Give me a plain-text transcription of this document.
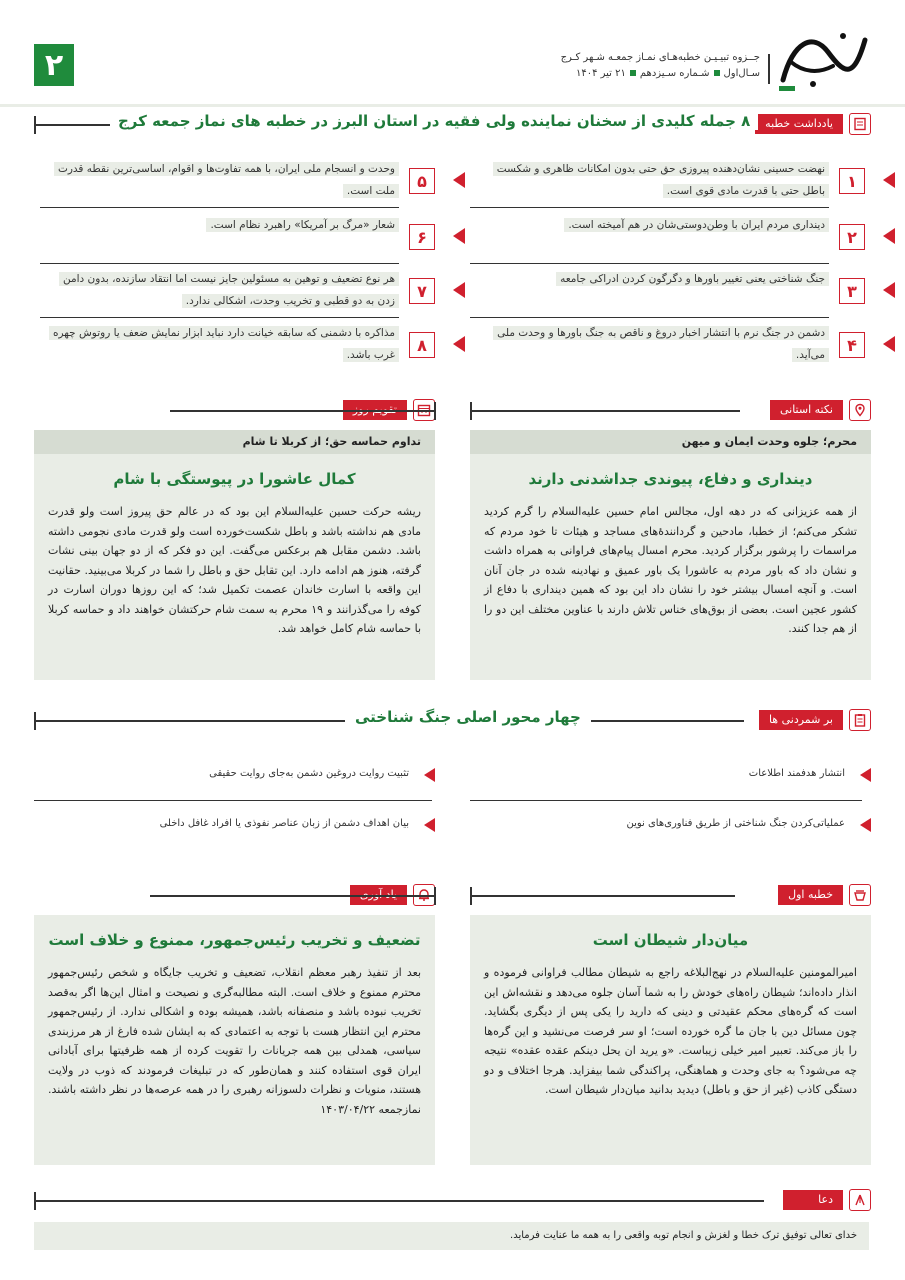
۲	جــزوه تبیـیـن خطبه‌هـای نمـاز جمعـه شـهر کـرج
سـال‌اولشـماره سـیزدهم۲۱ تیر ۱۴۰۴
یادداشت خطبه
۸ جمله کلیدی از سخنان نماینده ولی فقیه در استان البرز در خطبه های نماز جمعه کرج
۱
نهضت حسینی نشان‌دهنده پیروزی حق حتی بدون امکانات ظاهری و شکست باطل حتی با قدرت مادی قوی است.
۲
دینداری مردم ایران با وطن‌دوستی‌شان در هم آمیخته است.
۳
جنگ شناختی یعنی تغییر باورها و دگرگون کردن ادراکی جامعه
۴
دشمن در جنگ نرم با انتشار اخبار دروغ و ناقص به جنگ باورها و وحدت ملی می‌آید.
۵
وحدت و انسجام ملی ایران، با همه تفاوت‌ها و اقوام، اساسی‌ترین نقطه قدرت ملت است.
۶
شعار «مرگ بر آمریکا» راهبرد نظام است.
۷
هر نوع تضعیف و توهین به مسئولین جایز نیست اما انتقاد سازنده، بدون دامن زدن به دو قطبی و تخریب وحدت، اشکالی ندارد.
۸
مذاکره با دشمنی که سابقه خیانت دارد نباید ابزار نمایش ضعف یا روتوش چهره غرب باشد.
نکته استانی
محرم؛ جلوه وحدت ایمان و میهن
دینداری و دفاع، پیوندی جداشدنی دارند
از همه عزیزانی که در دهه اول، مجالس امام حسین علیه‌السلام را گرم کردید تشکر می‌کنم؛ از خطبا، مادحین و گردانندۀ‌های مساجد و هیئات تا خود مردم که مراسمات را پرشور برگزار کردید. محرم امسال پیام‌های فراوانی به همراه داشت و نشان داد که باور مردم به عاشورا یک باور عمیق و نهادینه شده در جان آنان است. و آنچه امسال بیشتر خود را نشان داد این بود که همین دینداری با دفاع از کشور عجین است. بعضی از بوق‌های خناس تلاش دارند با عناوین مختلف این دو را از هم جدا کنند.
تداوم حماسه حق؛ از کربلا تا شام
کمال عاشورا در پیوستگی با شام
ریشه حرکت حسین علیه‌السلام این بود که در عالم حق پیروز است ولو قدرت مادی هم نداشته باشد و باطل شکست‌خورده است ولو قدرت مادی نجومی داشته باشد. دشمن مقابل هم برعکس می‌گفت. این دو فکر که از دو جهان بینی نشات گرفته، هنوز هم ادامه دارد. این تقابل حق و باطل را شما در کربلا می‌بینید. حقانیت این واقعه با اسارت خاندان عصمت تکمیل شد؛ که این روزها دوران اسارت در کوفه را می‌گذرانند و ۱۹ محرم به سمت شام حرکتشان خواهند داد و حماسه کربلا با حماسه شام کامل خواهد شد.
بر شمردنی ها
چهار محور اصلی جنگ شناختی
انتشار هدفمند اطلاعات
تثبیت روایت دروغین دشمن به‌جای روایت حقیقی
عملیاتی‌کردن جنگ شناختی از طریق فناوری‌های نوین
بیان اهداف دشمن از زبان عناصر نفوذی یا افراد غافل داخلی
خطبه اول
میان‌دار شیطان است
امیرالمومنین علیه‌السلام در نهج‌البلاغه راجع به شیطان مطالب فراوانی فرموده و انذار داده‌اند؛ شیطان راه‌های خودش را به شما آسان جلوه می‌دهد و نقشه‌اش این است که گره‌های محکم عقیدتی و دینی که دارید را یکی پس از دیگری بگشاید. چون مسائل دین با جان ما گره خورده است؛ او سر فرصت می‌نشید و این گره‌ها را باز می‌کند. تعبیر امیر خیلی زیباست. «و یرید ان یحل دینکم عقده عقده» نتیجه چه می‌شود؟ به جای وحدت و هماهنگی، پراکندگی شما بیفزاید. هرجا اختلاف و دو دستگی کاذب (غیر از حق و باطل) دیدید بدانید میان‌دار شیطان است.
تضعیف و تخریب رئیس‌جمهور، ممنوع و خلاف است
بعد از تنفیذ رهبر معظم انقلاب، تضعیف و تخریب جایگاه و شخص رئیس‌جمهور محترم ممنوع و خلاف است. البته مطالبه‌گری و نصیحت و امثال این‌ها اگر به‌قصد تخریب نبوده باشد و منصفانه باشد، همیشه بوده و اشکالی ندارد. از رئیس‌جمهور محترم این انتظار هست با توجه به اعتمادی که به ایشان شده فارغ از هر مرزبندی سیاسی، همدلی بین همه جریانات را تقویت کرده از همه ظرفیتها برای آبادانی ایران قوی استفاده کنند و همان‌طور که در تبلیغات فرمودند که ذوب در ولایت هستند، منویات و نظرات دلسوزانه رهبری را در همه عرصه‌ها در نظر داشته باشند. نمازجمعه ۱۴۰۳/۰۴/۲۲
دعا
خدای تعالی توفیق ترک خطا و لغزش و انجام توبه واقعی را به همه ما عنایت فرماید.
